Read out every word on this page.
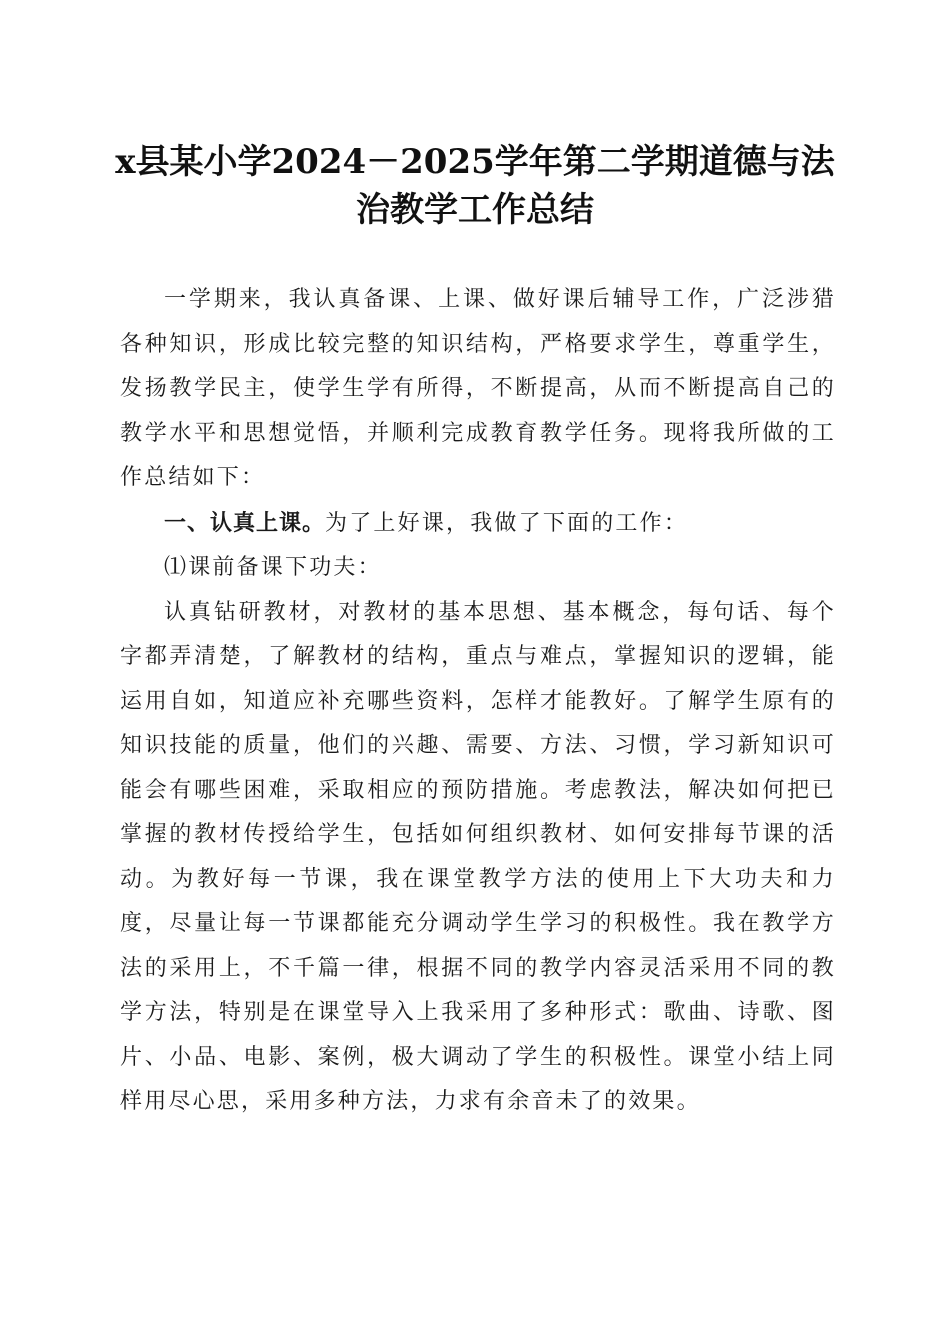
x县某小学2024－2025学年第二学期道德与法
治教学工作总结

一学期来，我认真备课、上课、做好课后辅导工作，广泛涉猎各种知识，形成比较完整的知识结构，严格要求学生，尊重学生，发扬教学民主，使学生学有所得，不断提高，从而不断提高自己的教学水平和思想觉悟，并顺利完成教育教学任务。现将我所做的工作总结如下：

一、认真上课。为了上好课，我做了下面的工作：

⑴课前备课下功夫：

认真钻研教材，对教材的基本思想、基本概念，每句话、每个字都弄清楚，了解教材的结构，重点与难点，掌握知识的逻辑，能运用自如，知道应补充哪些资料，怎样才能教好。了解学生原有的知识技能的质量，他们的兴趣、需要、方法、习惯，学习新知识可能会有哪些困难，采取相应的预防措施。考虑教法，解决如何把已掌握的教材传授给学生，包括如何组织教材、如何安排每节课的活动。为教好每一节课，我在课堂教学方法的使用上下大功夫和力度，尽量让每一节课都能充分调动学生学习的积极性。我在教学方法的采用上，不千篇一律，根据不同的教学内容灵活采用不同的教学方法，特别是在课堂导入上我采用了多种形式：歌曲、诗歌、图片、小品、电影、案例，极大调动了学生的积极性。课堂小结上同样用尽心思，采用多种方法，力求有余音未了的效果。
